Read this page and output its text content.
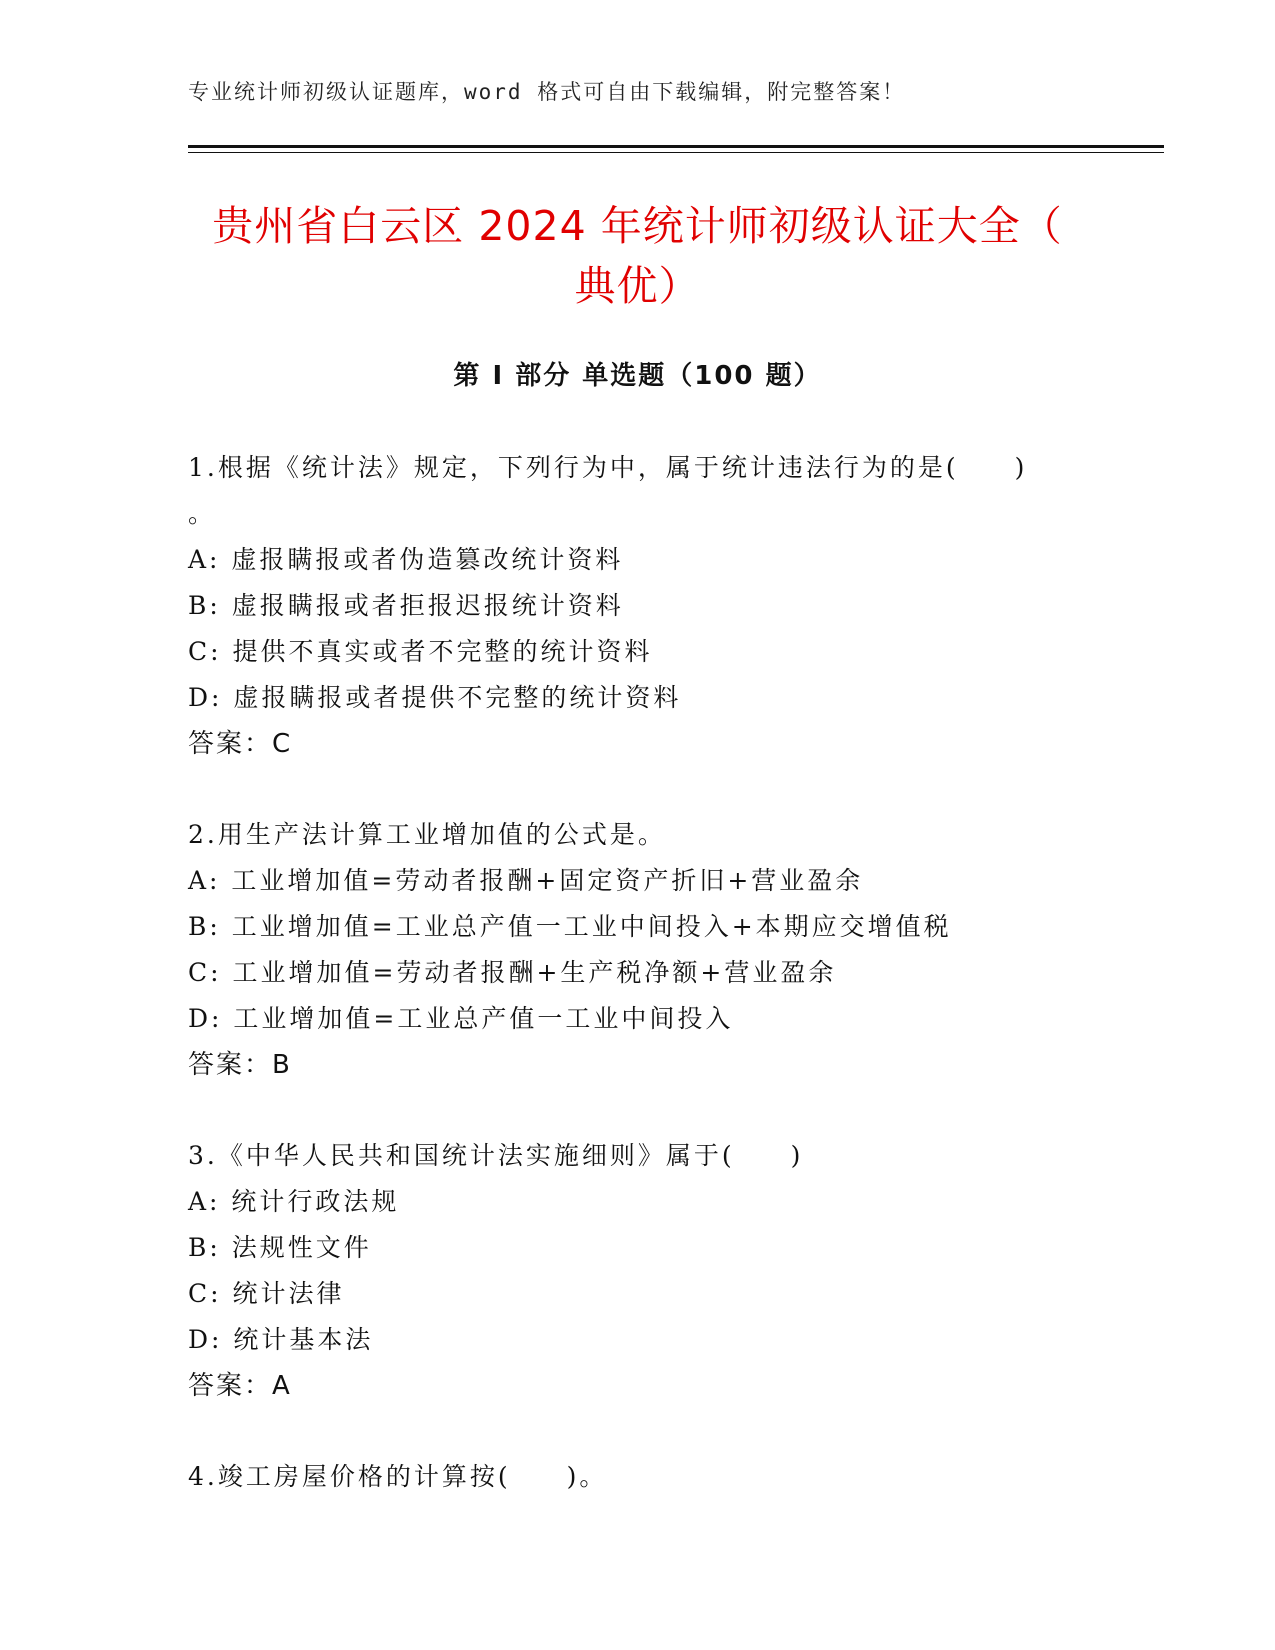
专业统计师初级认证题库，word 格式可自由下载编辑，附完整答案！
贵州省白云区 2024 年统计师初级认证大全（
典优）
第 I 部分 单选题（100 题）
1.根据《统计法》规定，下列行为中，属于统计违法行为的是(　　)
。
A: 虚报瞒报或者伪造篡改统计资料
B: 虚报瞒报或者拒报迟报统计资料
C: 提供不真实或者不完整的统计资料
D: 虚报瞒报或者提供不完整的统计资料
答案：C
2.用生产法计算工业增加值的公式是。
A: 工业增加值=劳动者报酬+固定资产折旧+营业盈余
B: 工业增加值=工业总产值一工业中间投入+本期应交增值税
C: 工业增加值=劳动者报酬+生产税净额+营业盈余
D: 工业增加值=工业总产值一工业中间投入
答案：B
3.《中华人民共和国统计法实施细则》属于(　　)
A: 统计行政法规
B: 法规性文件
C: 统计法律
D: 统计基本法
答案：A
4.竣工房屋价格的计算按(　　)。
